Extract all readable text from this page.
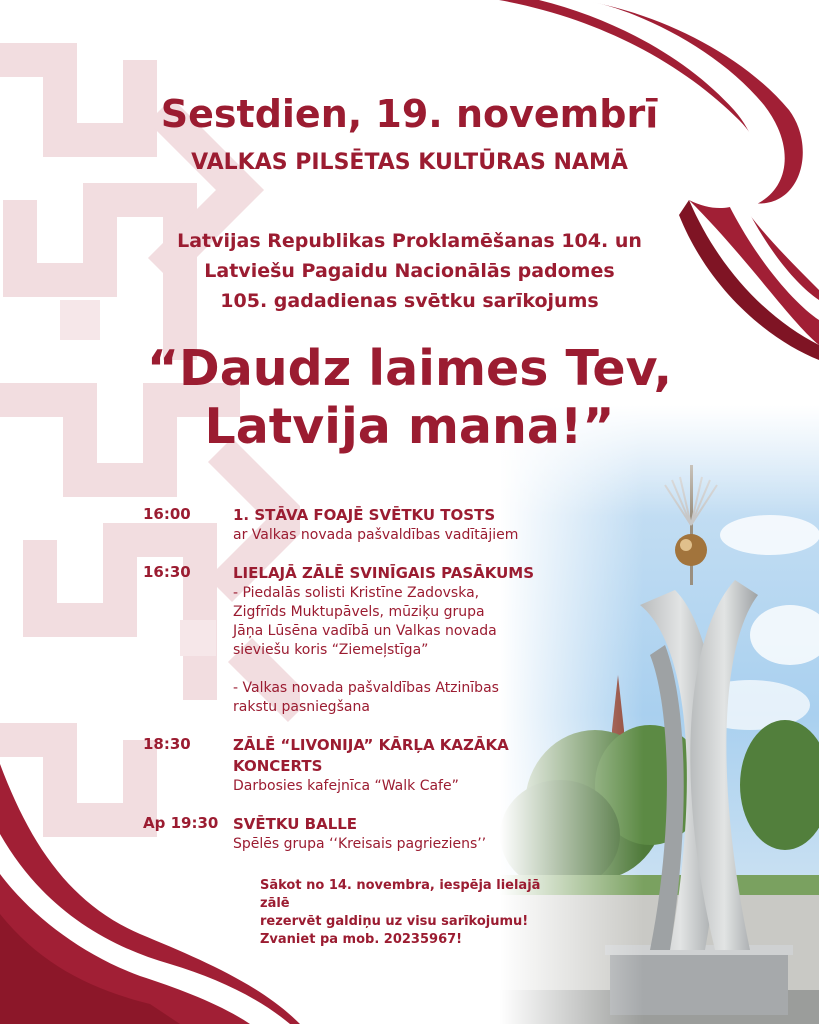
Sestdien, 19. novembrī
VALKAS PILSĒTAS KULTŪRAS NAMĀ
Latvijas Republikas Proklamēšanas 104. un
Latviešu Pagaidu Nacionālās padomes
105. gadadienas svētku sarīkojums
“Daudz laimes Tev,
Latvija mana!”
16:00	1. STĀVA FOAJĒ SVĒTKU TOSTS
ar Valkas novada pašvaldības vadītājiem
16:30	LIELAJĀ ZĀLĒ SVINĪGAIS PASĀKUMS
- Piedalās solisti Kristīne Zadovska,
Zigfrīds Muktupāvels, mūziķu grupa
Jāņa Lūsēna vadībā un Valkas novada
sieviešu koris “Ziemeļstīga”
- Valkas novada pašvaldības Atzinības
rakstu pasniegšana
18:30	ZĀLĒ “LIVONIJA” KĀRĻA KAZĀKA
KONCERTS
Darbosies kafejnīca “Walk Cafe”
Ap 19:30 SVĒTKU BALLE
Spēlēs grupa ‘‘Kreisais pagrieziens’’
Sākot no 14. novembra, iespēja lielajā zālē
rezervēt galdiņu uz visu sarīkojumu!
Zvaniet pa mob. 20235967!
